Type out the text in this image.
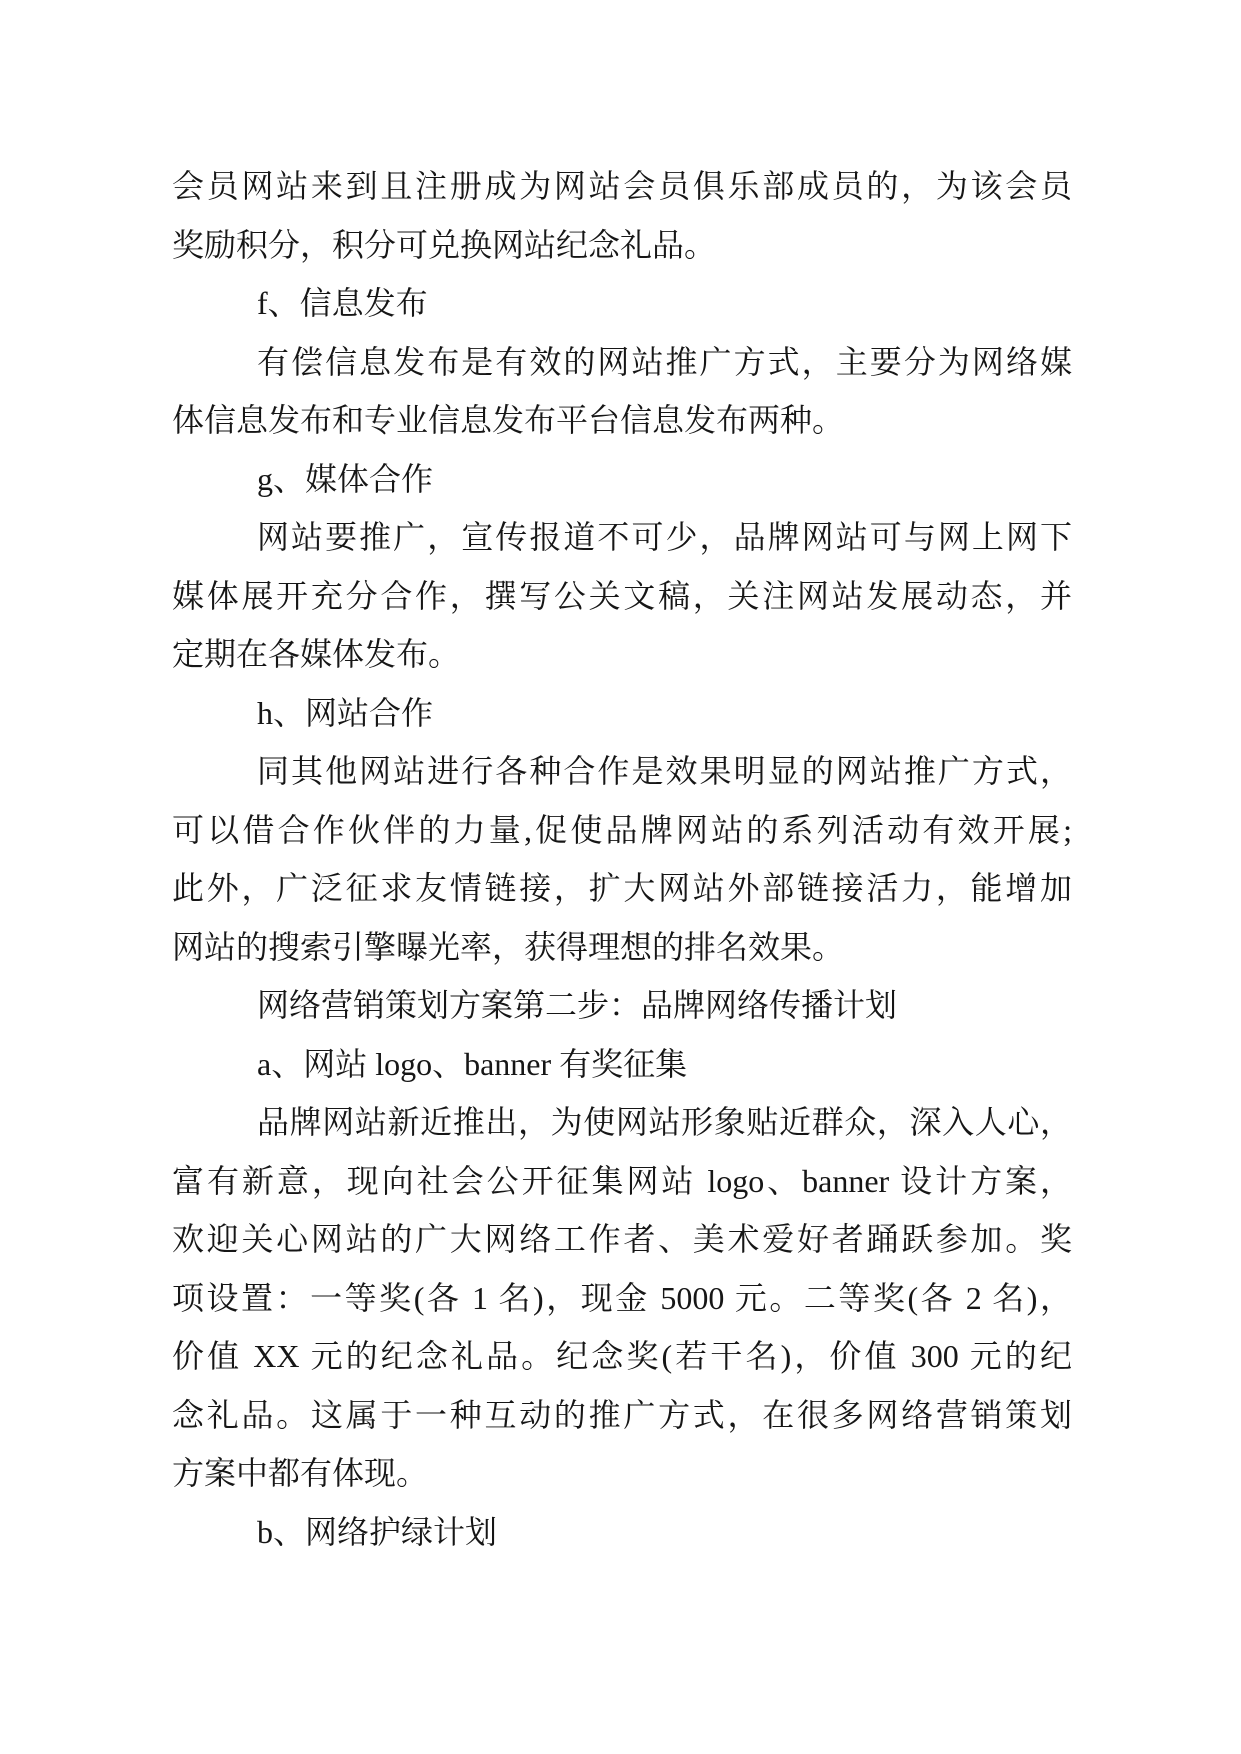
会员网站来到且注册成为网站会员俱乐部成员的，为该会员
奖励积分，积分可兑换网站纪念礼品。
f、信息发布
有偿信息发布是有效的网站推广方式，主要分为网络媒
体信息发布和专业信息发布平台信息发布两种。
g、媒体合作
网站要推广，宣传报道不可少，品牌网站可与网上网下
媒体展开充分合作，撰写公关文稿，关注网站发展动态，并
定期在各媒体发布。
h、网站合作
同其他网站进行各种合作是效果明显的网站推广方式，
可以借合作伙伴的力量,促使品牌网站的系列活动有效开展;
此外，广泛征求友情链接，扩大网站外部链接活力，能增加
网站的搜索引擎曝光率，获得理想的排名效果。
网络营销策划方案第二步：品牌网络传播计划
a、网站 logo、banner 有奖征集
品牌网站新近推出，为使网站形象贴近群众，深入人心，
富有新意，现向社会公开征集网站 logo、banner 设计方案，
欢迎关心网站的广大网络工作者、美术爱好者踊跃参加。奖
项设置：一等奖(各 1 名)，现金 5000 元。二等奖(各 2 名)，
价值 XX 元的纪念礼品。纪念奖(若干名)，价值 300 元的纪
念礼品。这属于一种互动的推广方式，在很多网络营销策划
方案中都有体现。
b、网络护绿计划
